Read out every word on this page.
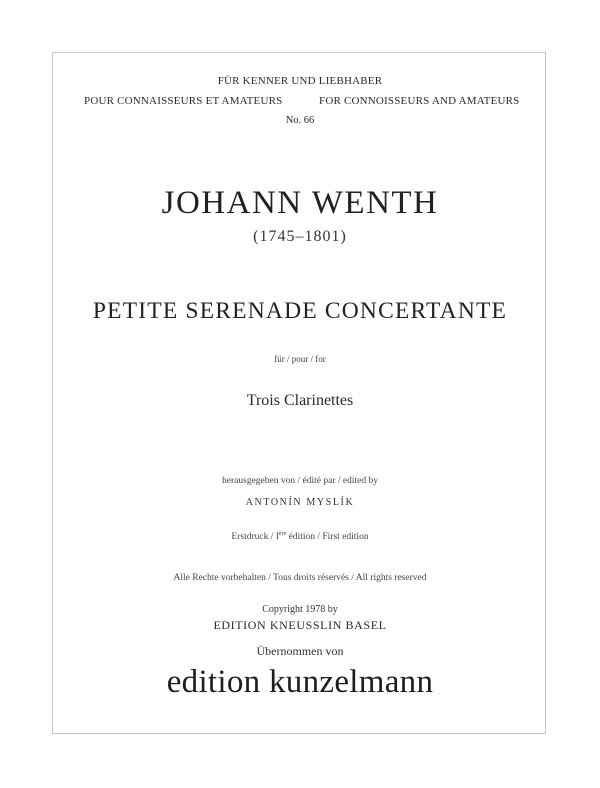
FÜR KENNER UND LIEBHABER
POUR CONNAISSEURS ET AMATEURS	FOR CONNOISSEURS AND AMATEURS
No. 66
JOHANN WENTH
(1745–1801)
PETITE SERENADE CONCERTANTE
für / pour / for
Trois Clarinettes
herausgegeben von / édité par / edited by
ANTONÍN MYSLÍK
Erstdruck / Ière édition / First edition
Alle Rechte vorbehalten / Tous droits réservés / All rights reserved
Copyright 1978 by
EDITION KNEUSSLIN BASEL
Übernommen von
edition kunzelmann
